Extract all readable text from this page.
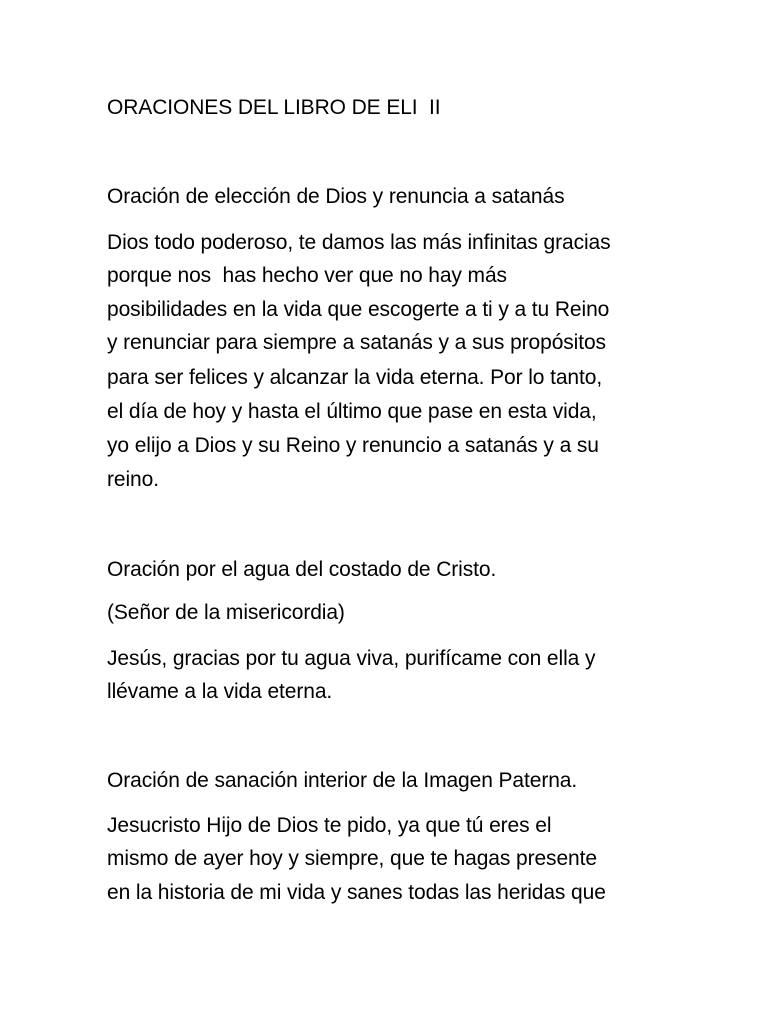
ORACIONES DEL LIBRO DE ELI  II
Oración de elección de Dios y renuncia a satanás
Dios todo poderoso, te damos las más infinitas gracias
porque nos  has hecho ver que no hay más
posibilidades en la vida que escogerte a ti y a tu Reino
y renunciar para siempre a satanás y a sus propósitos
para ser felices y alcanzar la vida eterna. Por lo tanto,
el día de hoy y hasta el último que pase en esta vida,
yo elijo a Dios y su Reino y renuncio a satanás y a su
reino.
Oración por el agua del costado de Cristo.
(Señor de la misericordia)
Jesús, gracias por tu agua viva, purifícame con ella y
llévame a la vida eterna.
Oración de sanación interior de la Imagen Paterna.
Jesucristo Hijo de Dios te pido, ya que tú eres el
mismo de ayer hoy y siempre, que te hagas presente
en la historia de mi vida y sanes todas las heridas que
